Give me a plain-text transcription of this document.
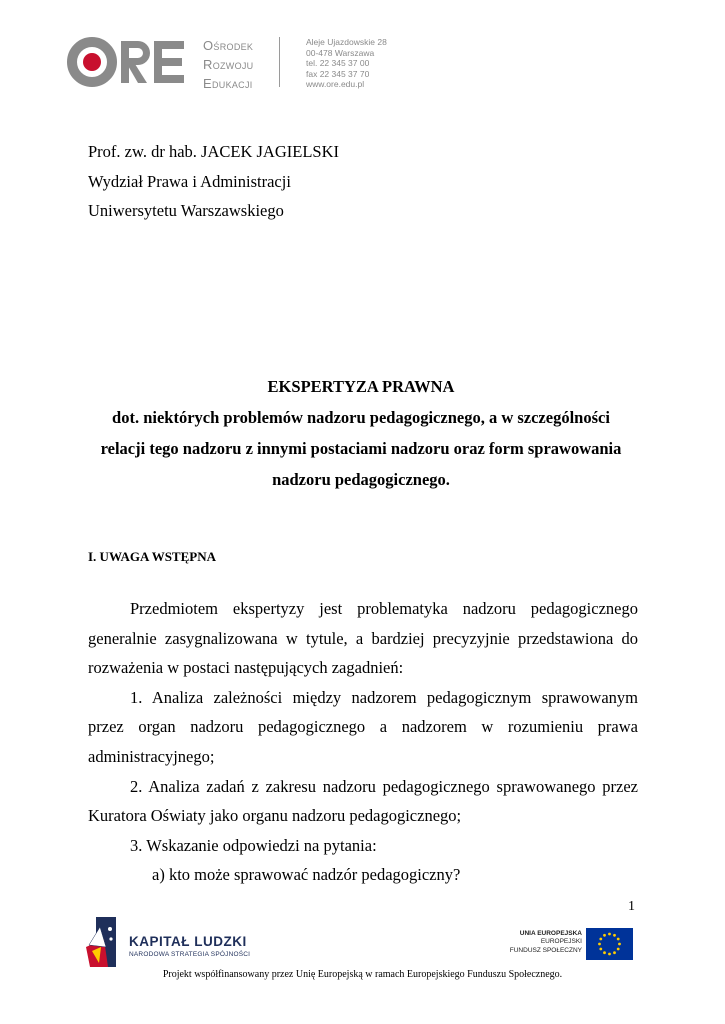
Ośrodek
Rozwoju
Edukacji
Aleje Ujazdowskie 28
00-478 Warszawa
tel. 22 345 37 00
fax 22 345 37 70
www.ore.edu.pl
Prof. zw. dr hab. JACEK JAGIELSKI
Wydział Prawa i Administracji
Uniwersytetu Warszawskiego
EKSPERTYZA PRAWNA
dot. niektórych problemów nadzoru pedagogicznego, a w szczególności
relacji tego nadzoru z innymi postaciami nadzoru oraz form sprawowania
nadzoru pedagogicznego.
I. UWAGA WSTĘPNA
Przedmiotem ekspertyzy jest problematyka nadzoru pedagogicznego
generalnie zasygnalizowana w tytule, a bardziej precyzyjnie przedstawiona do
rozważenia w postaci następujących zagadnień:
1. Analiza zależności między nadzorem pedagogicznym sprawowanym
przez organ nadzoru pedagogicznego a nadzorem w rozumieniu prawa
administracyjnego;
2. Analiza zadań z zakresu nadzoru pedagogicznego sprawowanego przez
Kuratora Oświaty jako organu nadzoru pedagogicznego;
3. Wskazanie odpowiedzi na pytania:
a) kto może sprawować nadzór pedagogiczny?
1
KAPITAŁ LUDZKI
NARODOWA STRATEGIA SPÓJNOŚCI
UNIA EUROPEJSKA
EUROPEJSKI
FUNDUSZ SPOŁECZNY
Projekt współfinansowany przez Unię Europejską w ramach Europejskiego Funduszu Społecznego.
